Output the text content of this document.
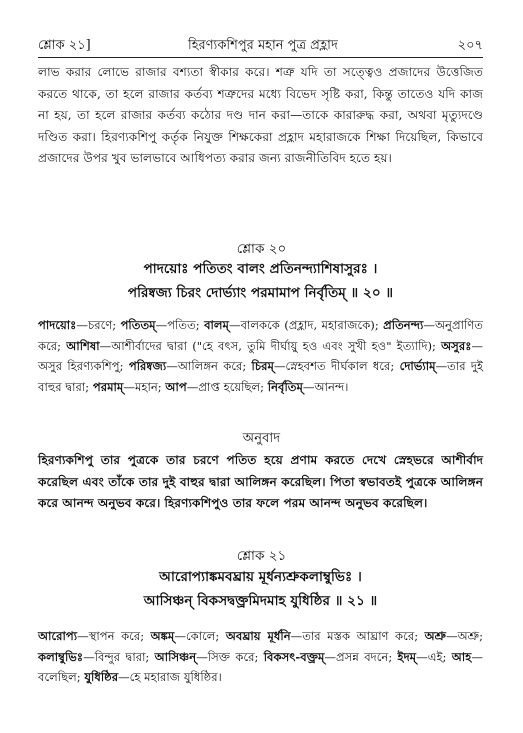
শ্লোক ২১]	হিরণ্যকশিপুর মহান পুত্র প্রহ্লাদ	২০৭

লাভ করার লোভে রাজার বশ্যতা স্বীকার করে। শত্রু যদি তা সত্ত্বেও প্রজাদের উত্তেজিত করতে থাকে, তা হলে রাজার কর্তব্য শত্রুদের মধ্যে বিভেদ সৃষ্টি করা, কিন্তু তাতেও যদি কাজ না হয়, তা হলে রাজার কর্তব্য কঠোর দণ্ড দান করা—তাকে কারারুদ্ধ করা, অথবা মৃত্যুদণ্ডে দণ্ডিত করা। হিরণ্যকশিপু কর্তৃক নিযুক্ত শিক্ষকেরা প্রহ্লাদ মহারাজকে শিক্ষা দিয়েছিল, কিভাবে প্রজাদের উপর খুব ভালভাবে আধিপত্য করার জন্য রাজনীতিবিদ হতে হয়।

শ্লোক ২০
পাদয়োঃ পতিতং বালং প্রতিনন্দ্যাশিষাসুরঃ ।
পরিষ্বজ্য চিরং দোর্ভ্যাং পরমামাপ নির্বৃতিম্ ॥ ২০ ॥

পাদয়োঃ—চরণে; পতিতম্—পতিত; বালম্—বালককে (প্রহ্লাদ, মহারাজকে); প্রতিনন্দ্য—অনুপ্রাণিত করে; আশিষা—আশীর্বাদের দ্বারা ("হে বৎস, তুমি দীর্ঘায়ু হও এবং সুখী হও" ইত্যাদি); অসুরঃ—অসুর হিরণ্যকশিপু; পরিষ্বজ্য—আলিঙ্গন করে; চিরম্—স্নেহবশত দীর্ঘকাল ধরে; দোর্ভ্যাম্—তার দুই বাহুর দ্বারা; পরমাম্—মহান; আপ—প্রাপ্ত হয়েছিল; নির্বৃতিম্—আনন্দ।

অনুবাদ

হিরণ্যকশিপু তার পুত্রকে তার চরণে পতিত হয়ে প্রণাম করতে দেখে স্নেহভরে আশীর্বাদ করেছিল এবং তাঁকে তার দুই বাহুর দ্বারা আলিঙ্গন করেছিল। পিতা স্বভাবতই পুত্রকে আলিঙ্গন করে আনন্দ অনুভব করে। হিরণ্যকশিপুও তার ফলে পরম আনন্দ অনুভব করেছিল।

শ্লোক ২১
আরোপ্যাঙ্কমবঘ্রায় মূর্ধন্যশ্রুকলাম্বুভিঃ ।
আসিঞ্চন্ বিকসদ্বক্ত্রমিদমাহ যুধিষ্ঠির ॥ ২১ ॥

আরোপ্য—স্থাপন করে; অঙ্কম্—কোলে; অবঘ্রায় মূর্ধনি—তার মস্তক আঘ্রাণ করে; অশ্রু—অশ্রু; কলাম্বুভিঃ—বিন্দুর দ্বারা; আসিঞ্চন্—সিক্ত করে; বিকসৎ-বক্ত্রম্—প্রসন্ন বদনে; ইদম্—এই; আহ—বলেছিল; যুধিষ্ঠির—হে মহারাজ যুধিষ্ঠির।
